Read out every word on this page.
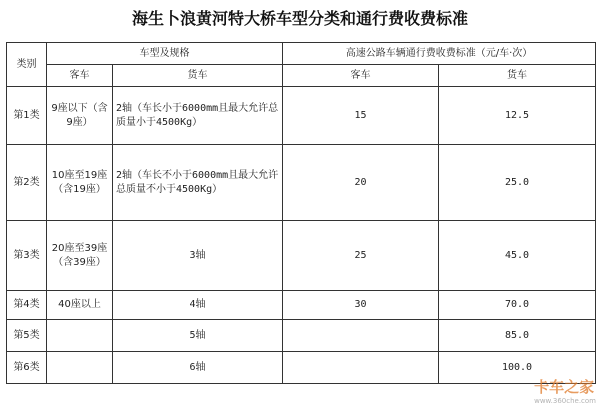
海生卜浪黄河特大桥车型分类和通行费收费标准
类别	车型及规格		高速公路车辆通行费收费标准（元/车·次）	
	客车	货车	客车	货车
第1类	9座以下（含9座）	2轴（车长小于6000mm且最大允许总质量小于4500Kg）	15	12.5
第2类	10座至19座（含19座）	2轴（车长不小于6000mm且最大允许总质量不小于4500Kg）	20	25.0
第3类	20座至39座（含39座）	3轴	25	45.0
第4类	40座以上	4轴	30	70.0
第5类		5轴		85.0
第6类		6轴		100.0
卡车之家
www.360che.com
